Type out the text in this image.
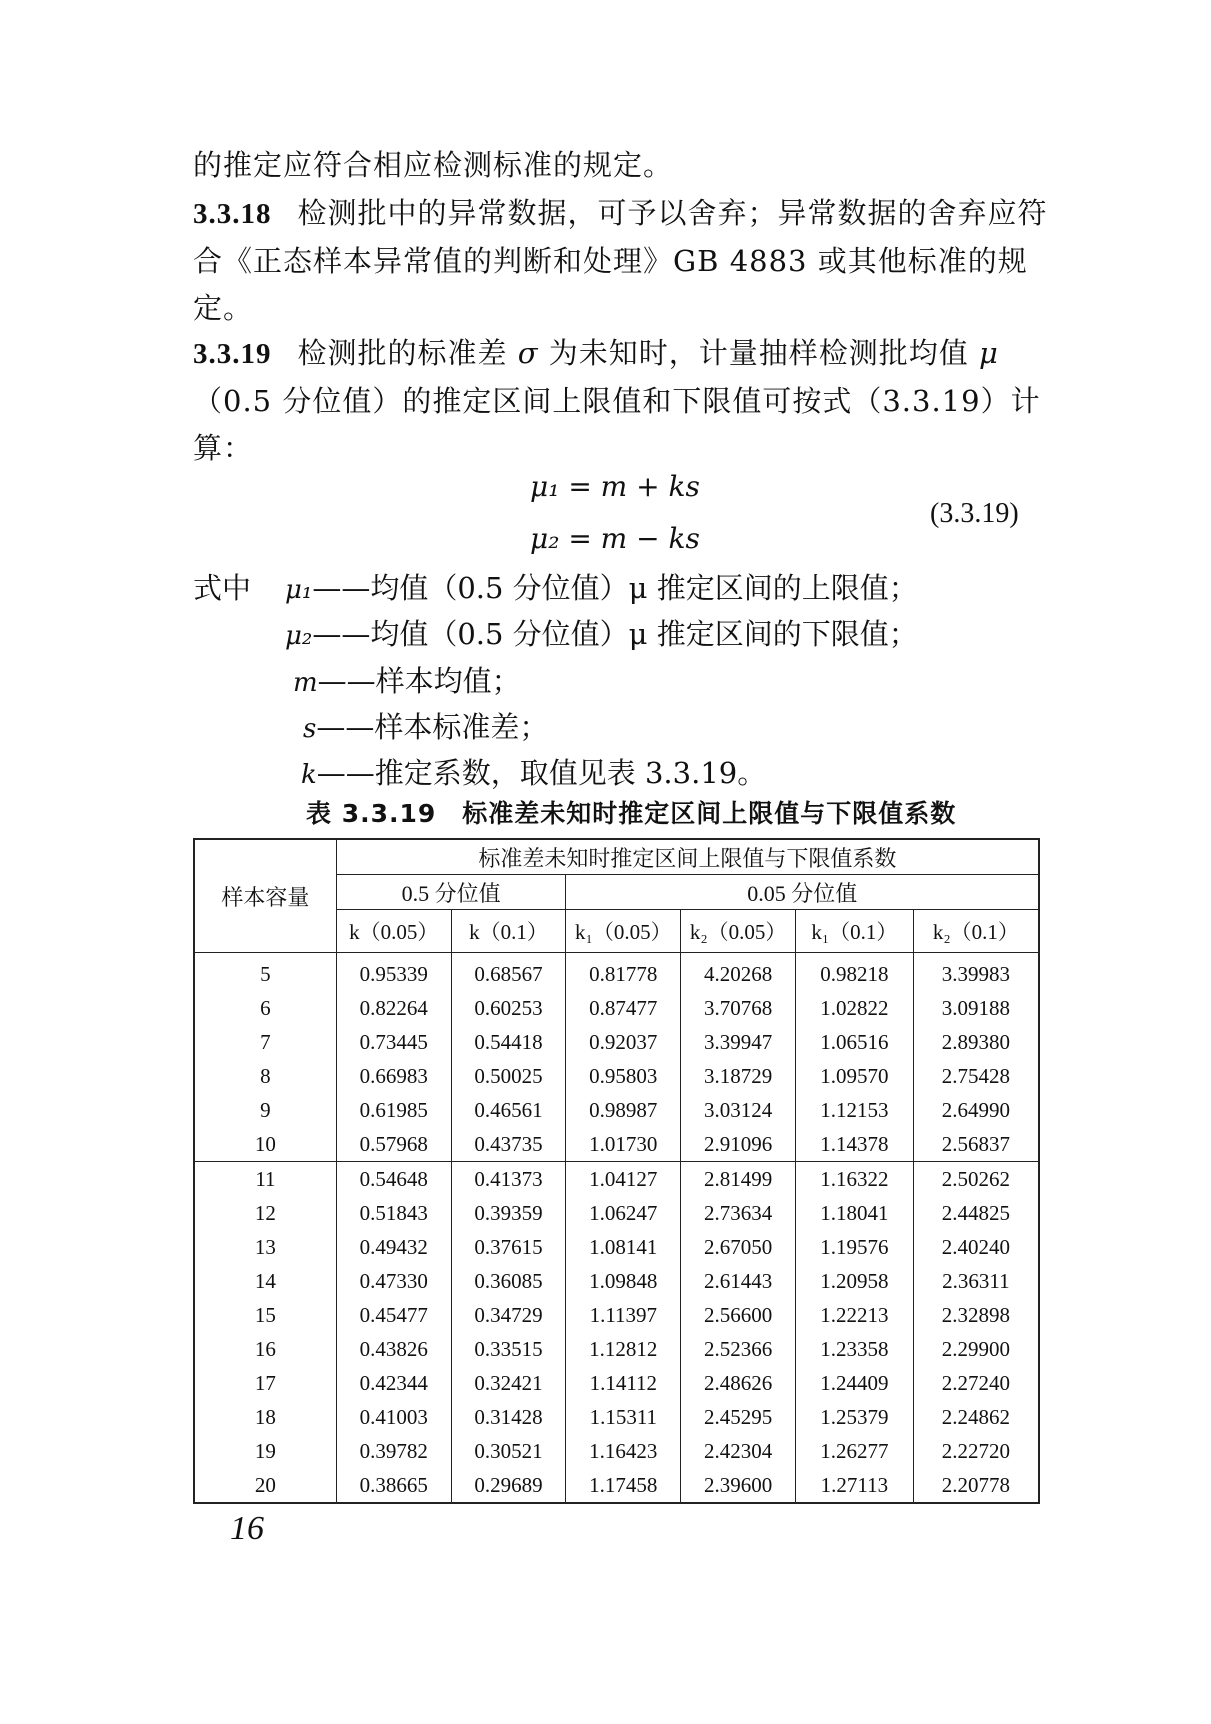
的推定应符合相应检测标准的规定。
3.3.18 检测批中的异常数据，可予以舍弃；异常数据的舍弃应符合《正态样本异常值的判断和处理》GB 4883 或其他标准的规定。
3.3.19 检测批的标准差 σ 为未知时，计量抽样检测批均值 μ（0.5 分位值）的推定区间上限值和下限值可按式（3.3.19）计算：
μ₁ = m + ks
μ₂ = m − ks
(3.3.19)
式中 μ₁——均值（0.5 分位值）μ 推定区间的上限值；
μ₂——均值（0.5 分位值）μ 推定区间的下限值；
m——样本均值；
s——样本标准差；
k——推定系数，取值见表 3.3.19。
表 3.3.19　标准差未知时推定区间上限值与下限值系数
样本容量	标准差未知时推定区间上限值与下限值系数					
	0.5 分位值		0.05 分位值			
	k（0.05）	k（0.1）	k₁（0.05）	k₂（0.05）	k₁（0.1）	k₂（0.1）
5	0.95339	0.68567	0.81778	4.20268	0.98218	3.39983
6	0.82264	0.60253	0.87477	3.70768	1.02822	3.09188
7	0.73445	0.54418	0.92037	3.39947	1.06516	2.89380
8	0.66983	0.50025	0.95803	3.18729	1.09570	2.75428
9	0.61985	0.46561	0.98987	3.03124	1.12153	2.64990
10	0.57968	0.43735	1.01730	2.91096	1.14378	2.56837
11	0.54648	0.41373	1.04127	2.81499	1.16322	2.50262
12	0.51843	0.39359	1.06247	2.73634	1.18041	2.44825
13	0.49432	0.37615	1.08141	2.67050	1.19576	2.40240
14	0.47330	0.36085	1.09848	2.61443	1.20958	2.36311
15	0.45477	0.34729	1.11397	2.56600	1.22213	2.32898
16	0.43826	0.33515	1.12812	2.52366	1.23358	2.29900
17	0.42344	0.32421	1.14112	2.48626	1.24409	2.27240
18	0.41003	0.31428	1.15311	2.45295	1.25379	2.24862
19	0.39782	0.30521	1.16423	2.42304	1.26277	2.22720
20	0.38665	0.29689	1.17458	2.39600	1.27113	2.20778
16
